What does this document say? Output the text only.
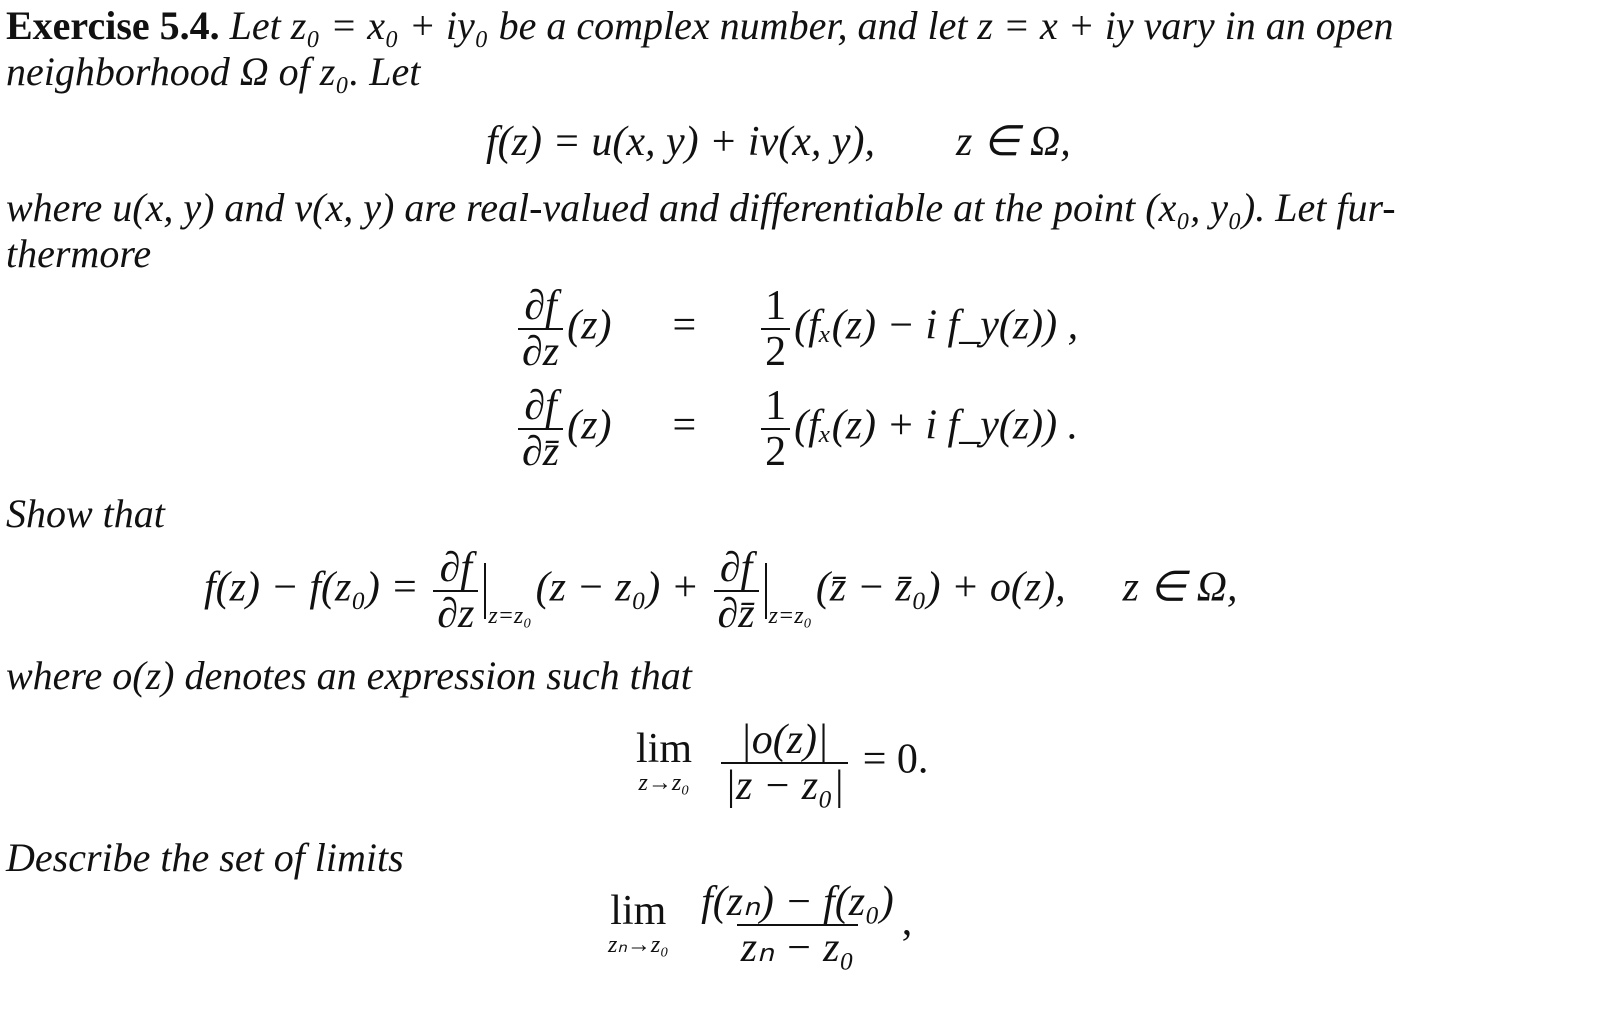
Exercise 5.4. Let z₀ = x₀ + iy₀ be a complex number, and let z = x + iy vary in an open
neighborhood Ω of z₀. Let
f(z) = u(x, y) + iv(x, y), z ∈ Ω,
where u(x, y) and v(x, y) are real-valued and differentiable at the point (x₀, y₀). Let fur-
thermore
$\frac{\partial f}{\partial z} (z) = \frac{1}{2} (f_x(z) - i$ f_y(z)) ,
$\frac{\partial f}{\partial z̄} (z) = \frac{1}{2} (f_x(z) + i$ f_y(z)) .
Show that
$f(z) - f(z_0) = \frac{\partial f}{\partial z} _{z=z_0}(z - z_0) + \frac{\partial f}{\partial z̄}$ $_{z=z_0}$(z̄ − z̄₀) + o(z), z ∈ Ω,
where o(z) denotes an expression such that
lim
z→z₀
$\frac{|o(z)|}{\text{|z − z₀|}} = 0$.
Describe the set of limits
lim
zₙ→z₀
$\frac{\text{f(zₙ) − f(z₀)}}{\text{zₙ − z₀}}$ ,
